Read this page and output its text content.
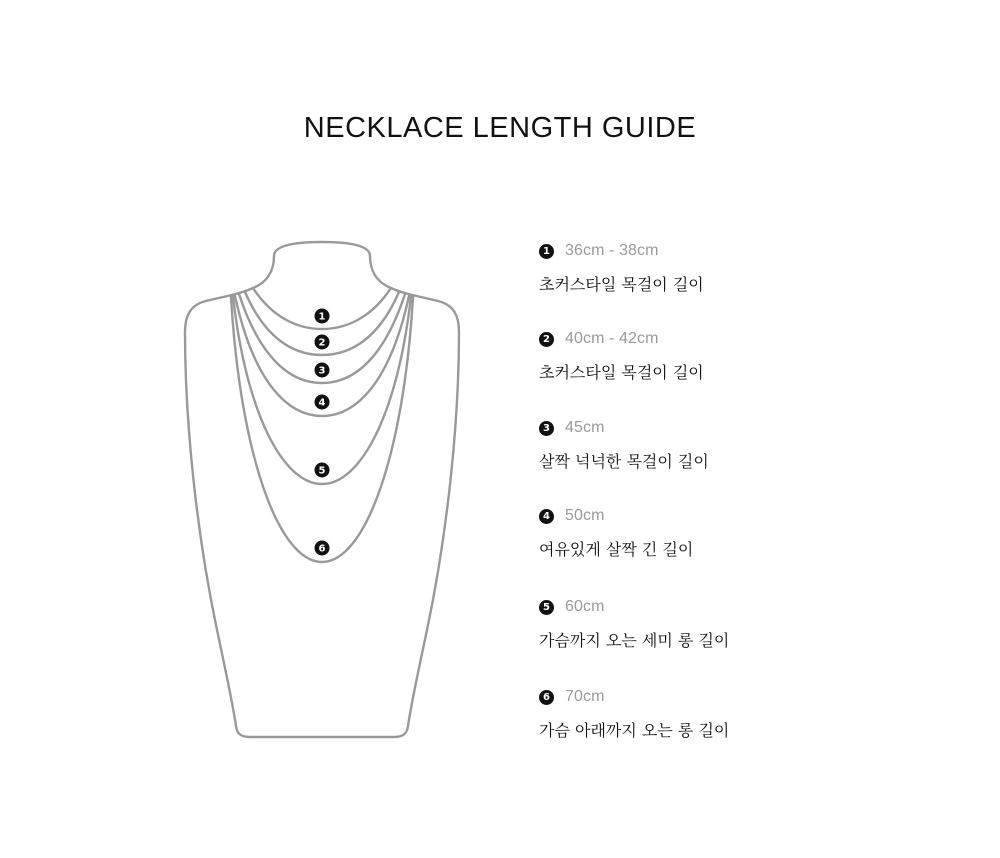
NECKLACE LENGTH GUIDE
1
2
3
4
5
6
1 36cm - 38cm
초커스타일 목걸이 길이
2 40cm - 42cm
초커스타일 목걸이 길이
3 45cm
살짝 넉넉한 목걸이 길이
4 50cm
여유있게 살짝 긴 길이
5 60cm
가슴까지 오는 세미 롱 길이
6 70cm
가슴 아래까지 오는 롱 길이
